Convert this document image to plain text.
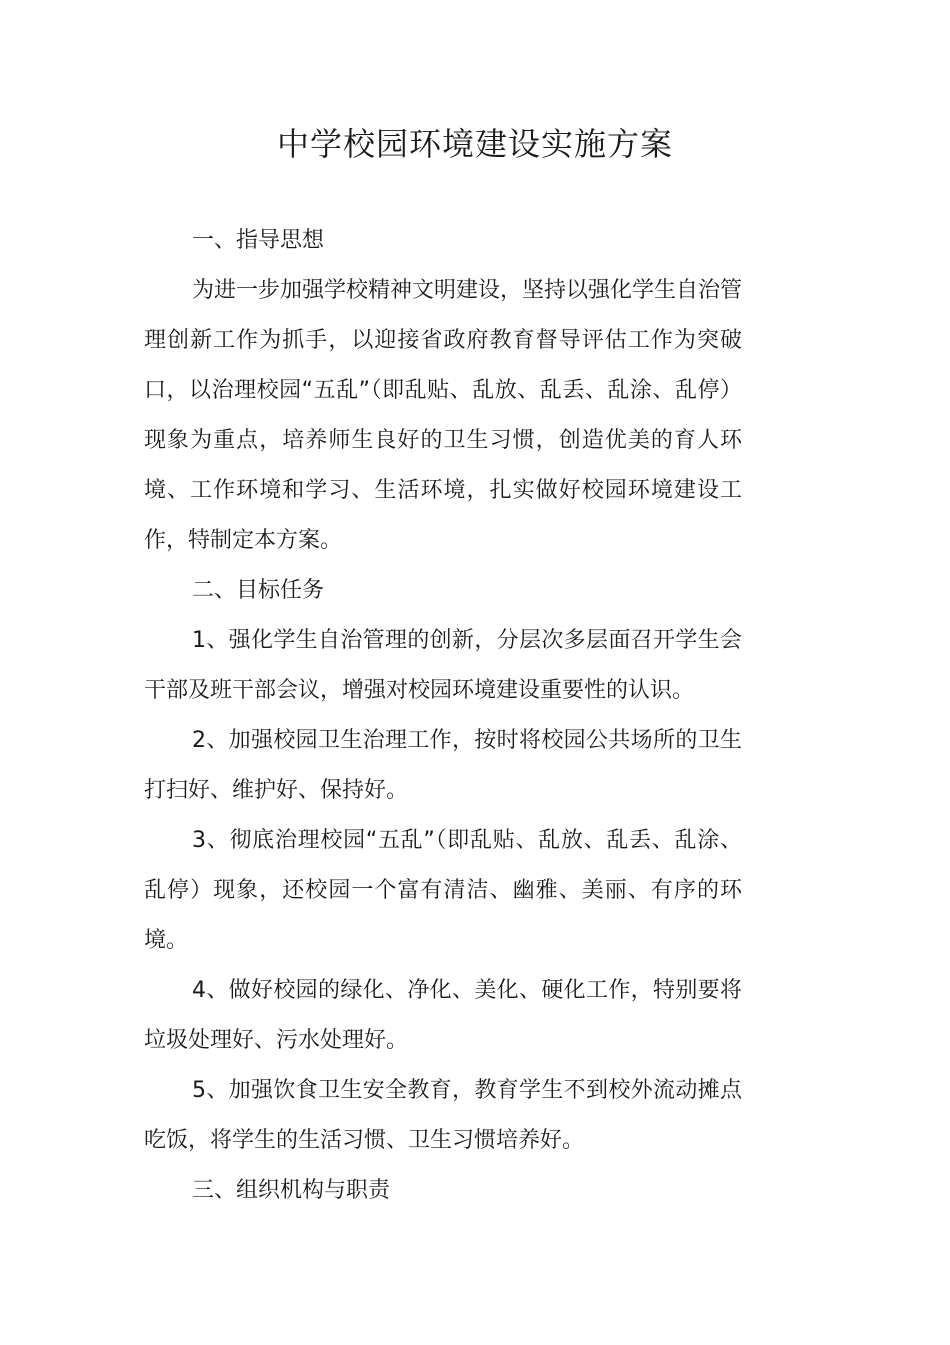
中学校园环境建设实施方案

一、指导思想

为进一步加强学校精神文明建设，坚持以强化学生自治管理创新工作为抓手，以迎接省政府教育督导评估工作为突破口，以治理校园“五乱”（即乱贴、乱放、乱丢、乱涂、乱停）现象为重点，培养师生良好的卫生习惯，创造优美的育人环境、工作环境和学习、生活环境，扎实做好校园环境建设工作，特制定本方案。

二、目标任务

1、强化学生自治管理的创新，分层次多层面召开学生会干部及班干部会议，增强对校园环境建设重要性的认识。

2、加强校园卫生治理工作，按时将校园公共场所的卫生打扫好、维护好、保持好。

3、彻底治理校园“五乱”（即乱贴、乱放、乱丢、乱涂、乱停）现象，还校园一个富有清洁、幽雅、美丽、有序的环境。

4、做好校园的绿化、净化、美化、硬化工作，特别要将垃圾处理好、污水处理好。

5、加强饮食卫生安全教育，教育学生不到校外流动摊点吃饭，将学生的生活习惯、卫生习惯培养好。

三、组织机构与职责
